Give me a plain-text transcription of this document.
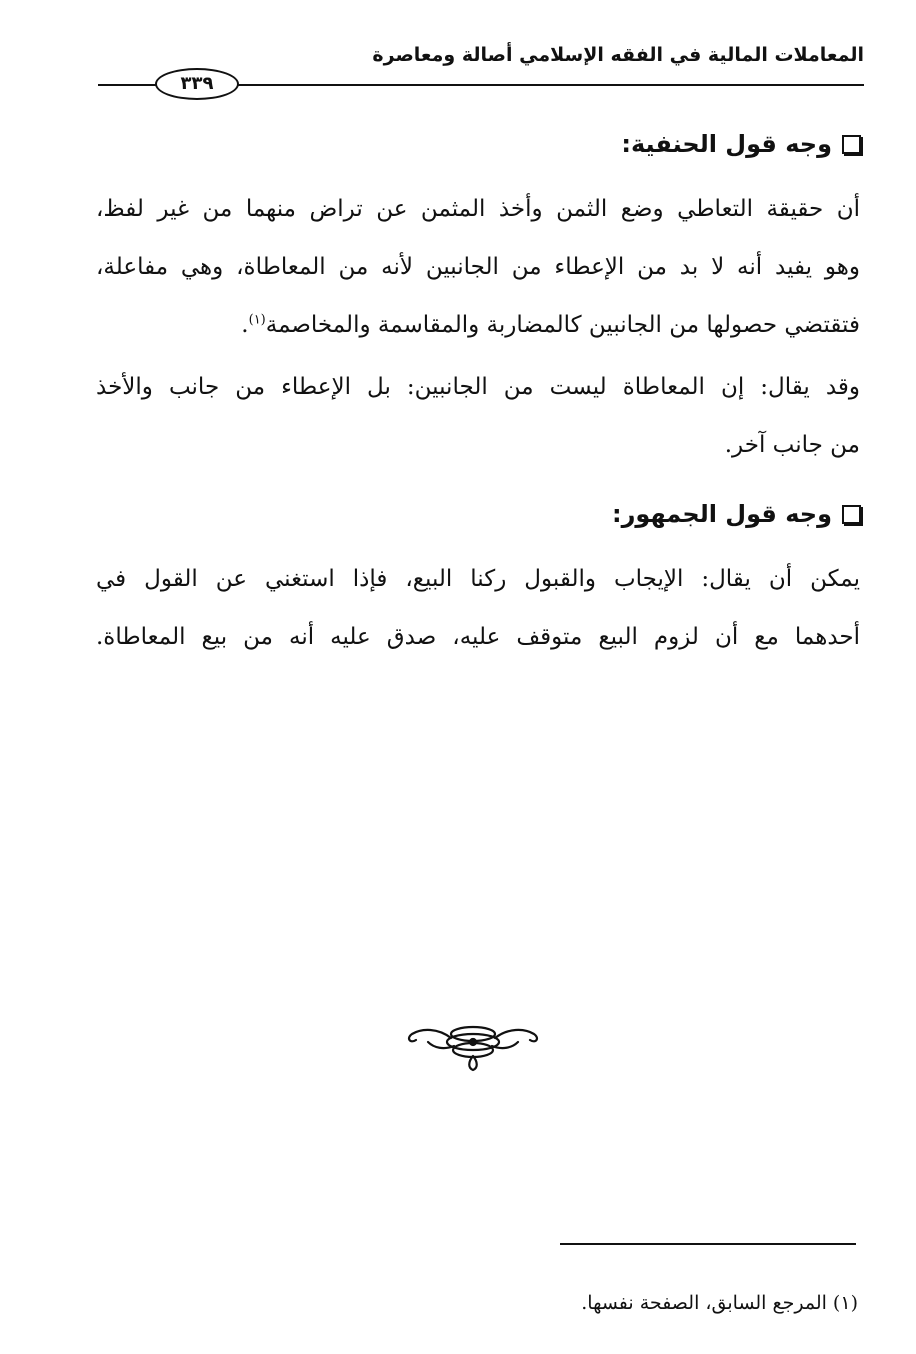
المعاملات المالية في الفقه الإسلامي أصالة ومعاصرة
٣٣٩
وجه قول الحنفية:
أن حقيقة التعاطي وضع الثمن وأخذ المثمن عن تراض منهما من غير لفظ،
وهو يفيد أنه لا بد من الإعطاء من الجانبين لأنه من المعاطاة، وهي مفاعلة،
فتقتضي حصولها من الجانبين كالمضاربة والمقاسمة والمخاصمة$^{(١)}$.
وقد يقال: إن المعاطاة ليست من الجانبين: بل الإعطاء من جانب والأخذ
من جانب آخر.
وجه قول الجمهور:
يمكن أن يقال: الإيجاب والقبول ركنا البيع، فإذا استغني عن القول في
أحدهما مع أن لزوم البيع متوقف عليه، صدق عليه أنه من بيع المعاطاة.
(١) المرجع السابق، الصفحة نفسها.
